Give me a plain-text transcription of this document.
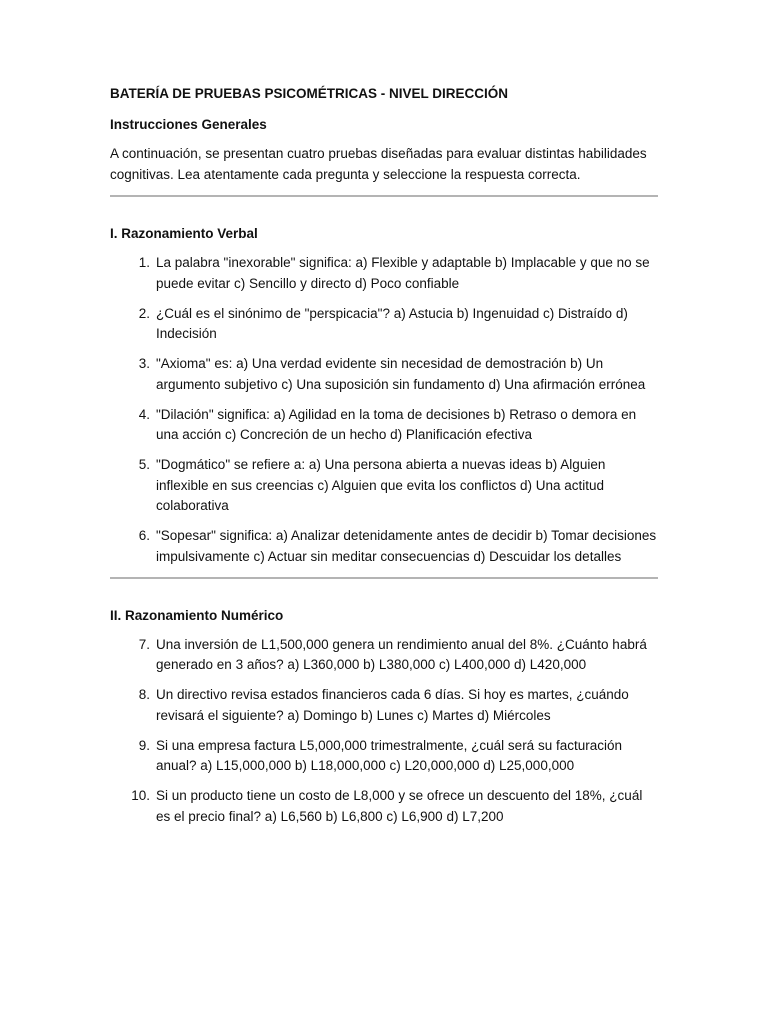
BATERÍA DE PRUEBAS PSICOMÉTRICAS - NIVEL DIRECCIÓN
Instrucciones Generales
A continuación, se presentan cuatro pruebas diseñadas para evaluar distintas habilidades cognitivas. Lea atentamente cada pregunta y seleccione la respuesta correcta.
I. Razonamiento Verbal
1. La palabra "inexorable" significa: a) Flexible y adaptable b) Implacable y que no se puede evitar c) Sencillo y directo d) Poco confiable
2. ¿Cuál es el sinónimo de "perspicacia"? a) Astucia b) Ingenuidad c) Distraído d) Indecisión
3. "Axioma" es: a) Una verdad evidente sin necesidad de demostración b) Un argumento subjetivo c) Una suposición sin fundamento d) Una afirmación errónea
4. "Dilación" significa: a) Agilidad en la toma de decisiones b) Retraso o demora en una acción c) Concreción de un hecho d) Planificación efectiva
5. "Dogmático" se refiere a: a) Una persona abierta a nuevas ideas b) Alguien inflexible en sus creencias c) Alguien que evita los conflictos d) Una actitud colaborativa
6. "Sopesar" significa: a) Analizar detenidamente antes de decidir b) Tomar decisiones impulsivamente c) Actuar sin meditar consecuencias d) Descuidar los detalles
II. Razonamiento Numérico
7. Una inversión de L1,500,000 genera un rendimiento anual del 8%. ¿Cuánto habrá generado en 3 años? a) L360,000 b) L380,000 c) L400,000 d) L420,000
8. Un directivo revisa estados financieros cada 6 días. Si hoy es martes, ¿cuándo revisará el siguiente? a) Domingo b) Lunes c) Martes d) Miércoles
9. Si una empresa factura L5,000,000 trimestralmente, ¿cuál será su facturación anual? a) L15,000,000 b) L18,000,000 c) L20,000,000 d) L25,000,000
10. Si un producto tiene un costo de L8,000 y se ofrece un descuento del 18%, ¿cuál es el precio final? a) L6,560 b) L6,800 c) L6,900 d) L7,200
